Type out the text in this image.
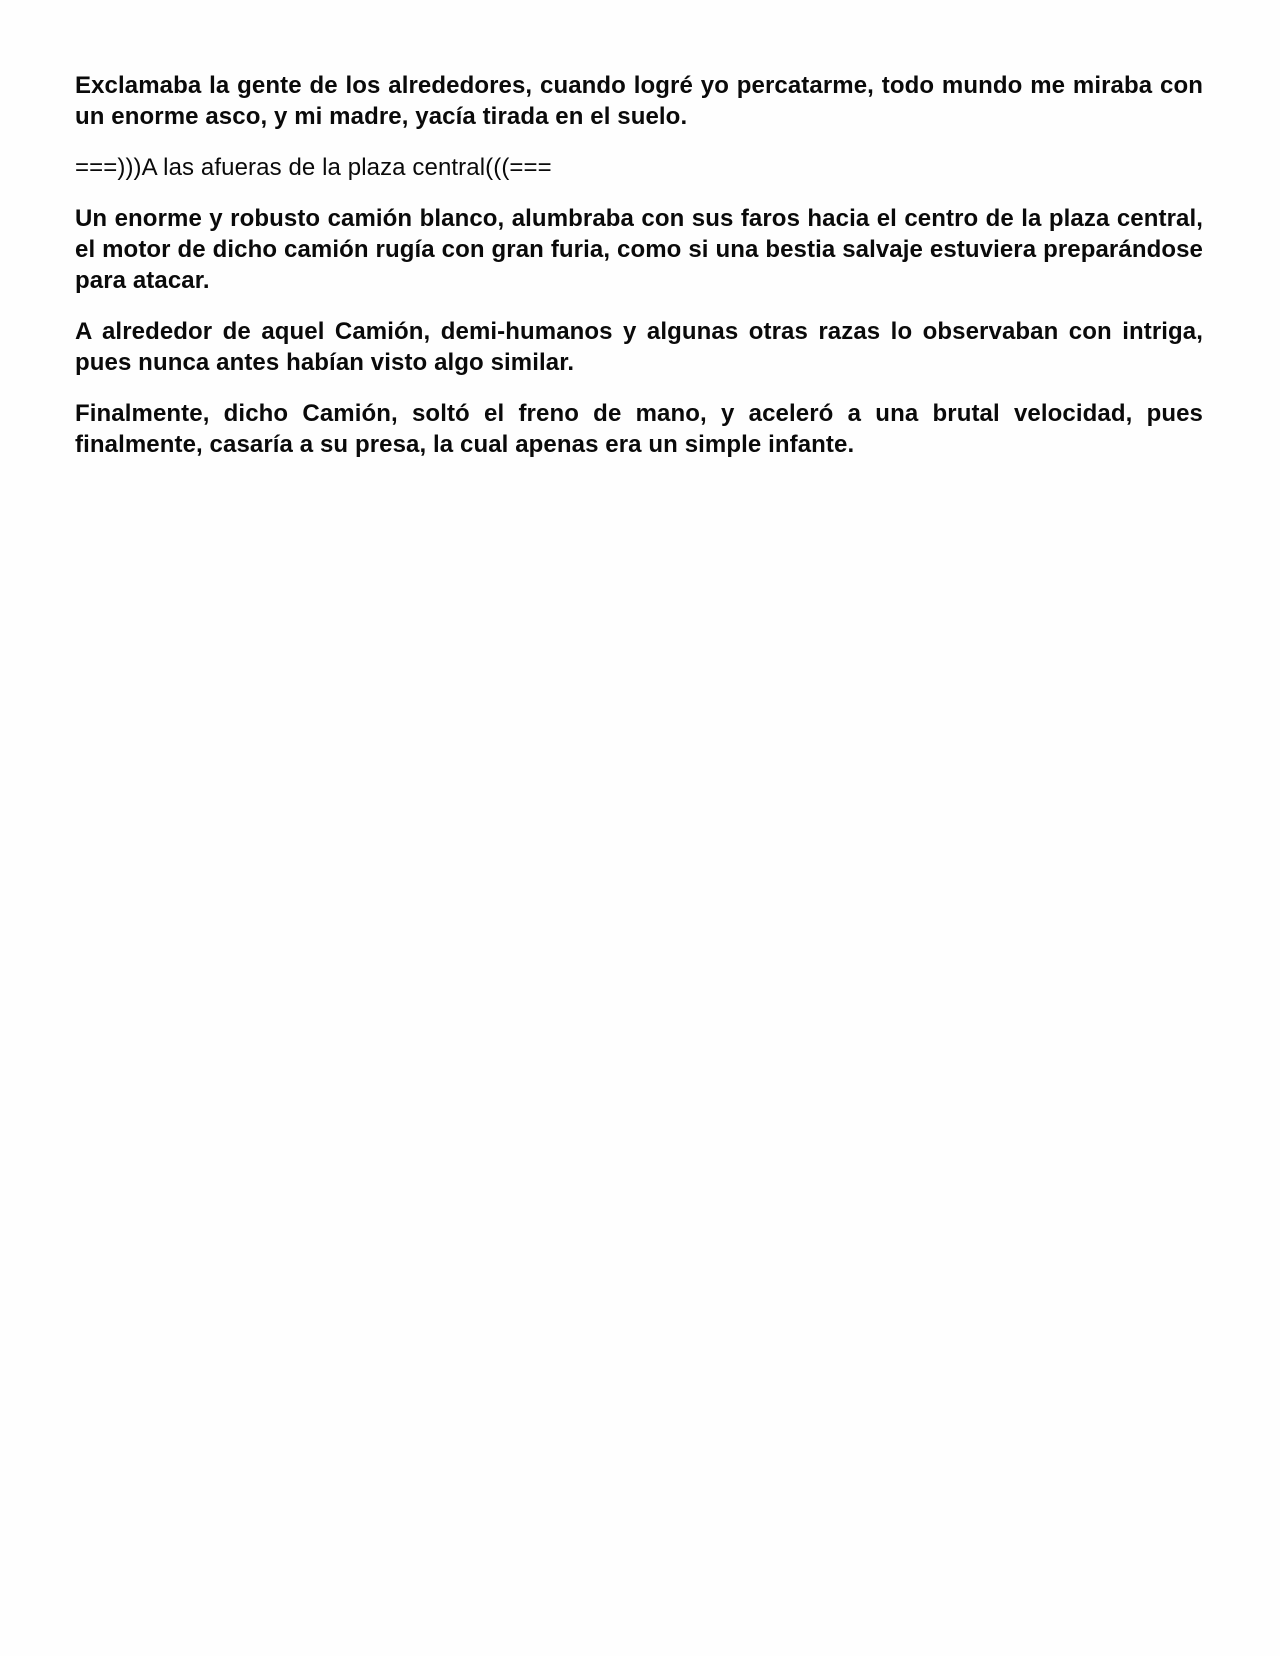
Exclamaba la gente de los alrededores, cuando logré yo percatarme, todo mundo me miraba con un enorme asco, y mi madre, yacía tirada en el suelo.

===)))A las afueras de la plaza central(((===

Un enorme y robusto camión blanco, alumbraba con sus faros hacia el centro de la plaza central, el motor de dicho camión rugía con gran furia, como si una bestia salvaje estuviera preparándose para atacar.

A alrededor de aquel Camión, demi-humanos y algunas otras razas lo observaban con intriga, pues nunca antes habían visto algo similar.

Finalmente, dicho Camión, soltó el freno de mano, y aceleró a una brutal velocidad, pues finalmente, casaría a su presa, la cual apenas era un simple infante.
